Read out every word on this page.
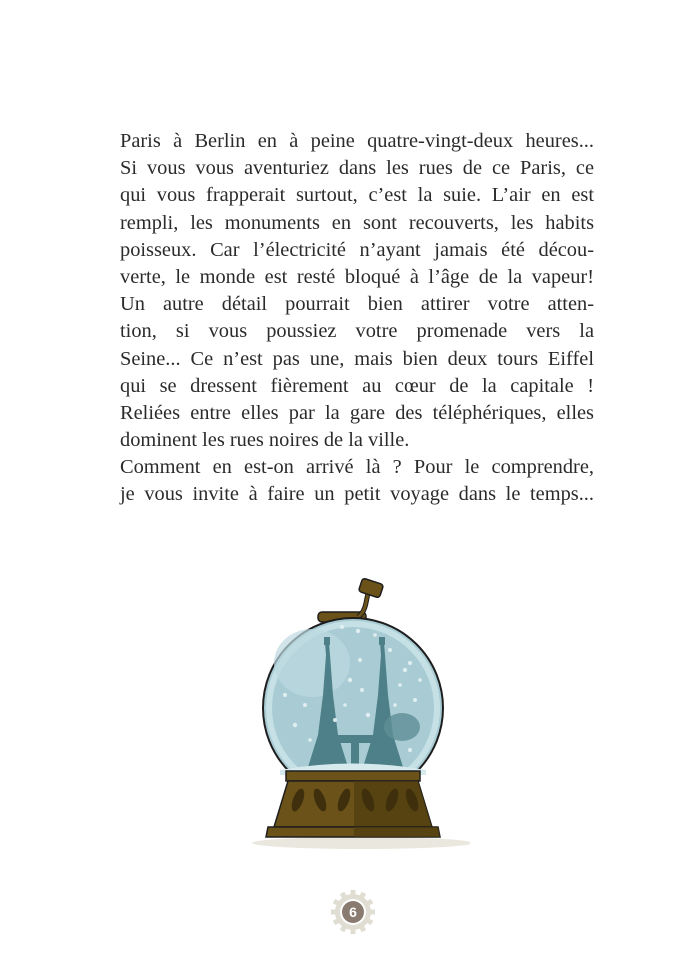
Paris à Berlin en à peine quatre-vingt-deux heures...
Si vous vous aventuriez dans les rues de ce Paris, ce
qui vous frapperait surtout, c’est la suie. L’air en est
rempli, les monuments en sont recouverts, les habits
poisseux. Car l’électricité n’ayant jamais été décou-
verte, le monde est resté bloqué à l’âge de la vapeur!
Un autre détail pourrait bien attirer votre atten-
tion, si vous poussiez votre promenade vers la
Seine... Ce n’est pas une, mais bien deux tours Eiffel
qui se dressent fièrement au cœur de la capitale !
Reliées entre elles par la gare des téléphériques, elles
dominent les rues noires de la ville.
Comment en est-on arrivé là ? Pour le comprendre,
je vous invite à faire un petit voyage dans le temps...
6
